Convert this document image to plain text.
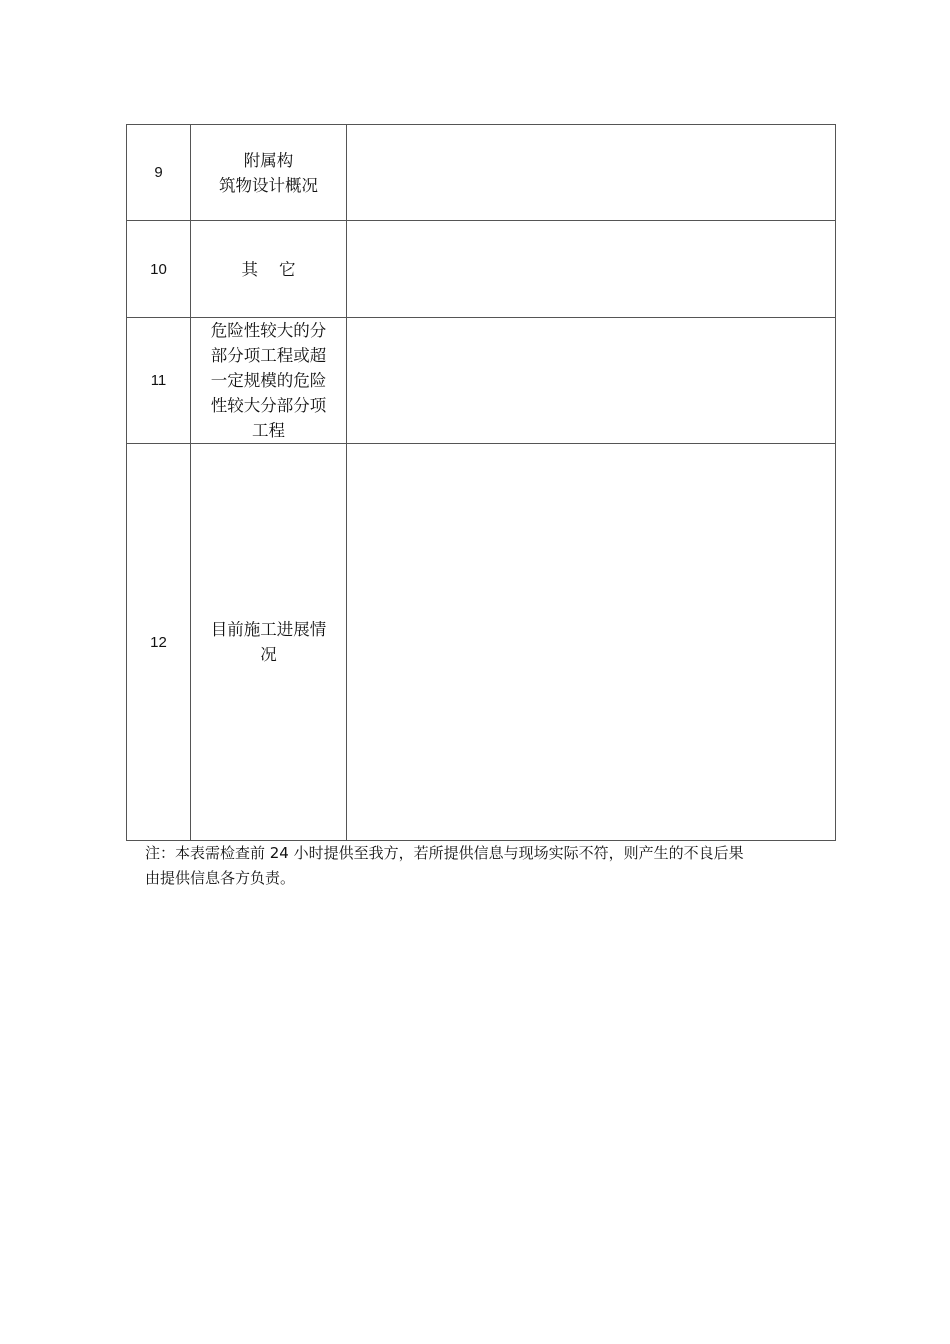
9	附属构
筑物设计概况	

10	其    它	

11	危险性较大的分
部分项工程或超
一定规模的危险
性较大分部分项
工程	

12	目前施工进展情
况	

注：本表需检查前 24 小时提供至我方，若所提供信息与现场实际不符，则产生的不良后果
由提供信息各方负责。
